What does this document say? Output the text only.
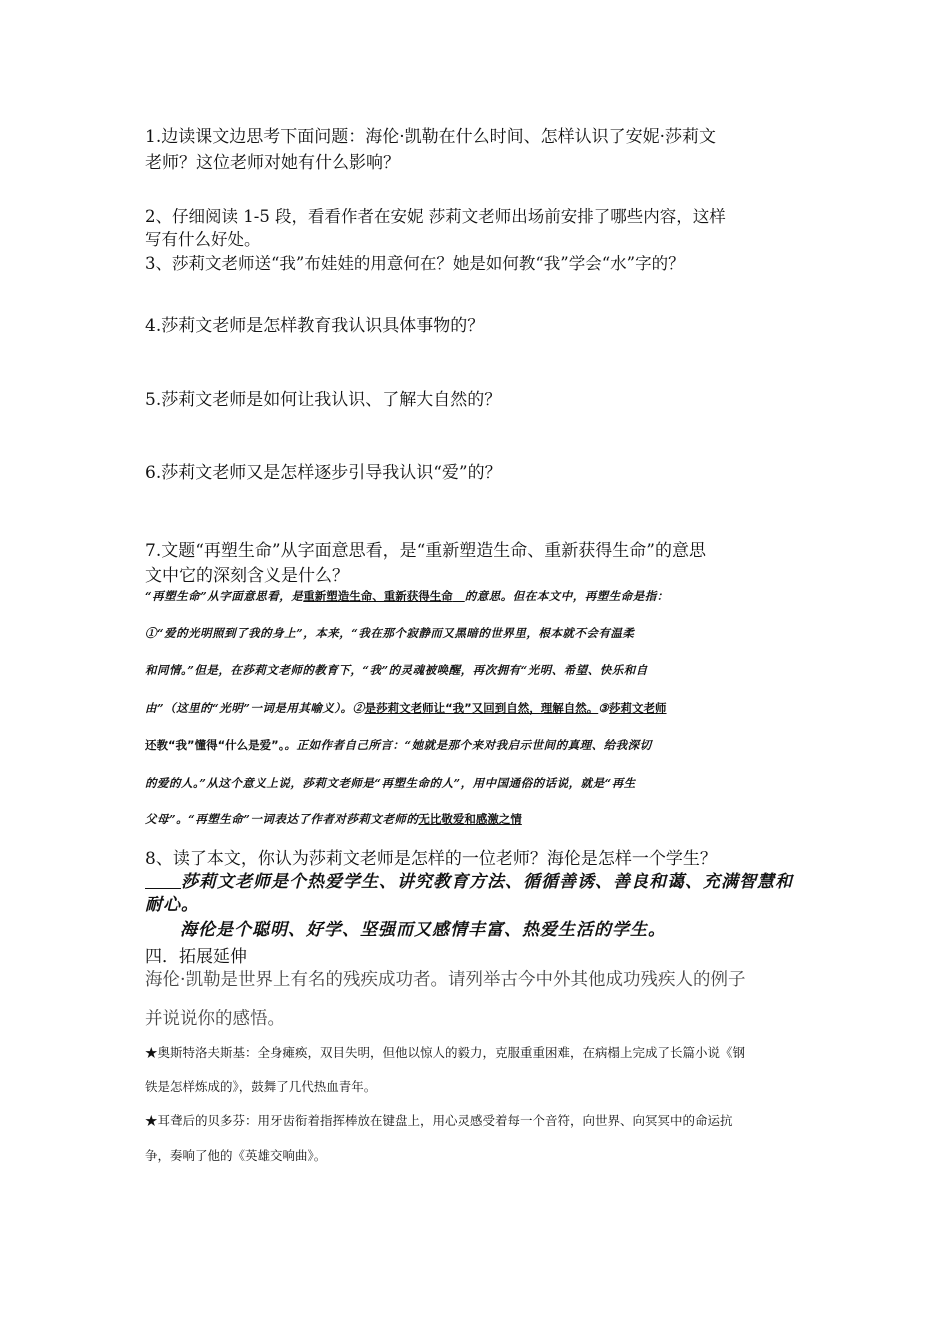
1.边读课文边思考下面问题：海伦·凯勒在什么时间、怎样认识了安妮·莎莉文
老师？这位老师对她有什么影响？
2、仔细阅读 1-5 段，看看作者在安妮 莎莉文老师出场前安排了哪些内容，这样
写有什么好处。
3、莎莉文老师送“我”布娃娃的用意何在？她是如何教“我”学会“水”字的？
4.莎莉文老师是怎样教育我认识具体事物的？
5.莎莉文老师是如何让我认识、了解大自然的？
6.莎莉文老师又是怎样逐步引导我认识“爱”的？
7.文题“再塑生命”从字面意思看，是“重新塑造生命、重新获得生命”的意思
文中它的深刻含义是什么？
“再塑生命”从字面意思看，是重新塑造生命、重新获得生命  的意思。但在本文中，再塑生命是指：
①“爱的光明照到了我的身上”，本来，“我在那个寂静而又黑暗的世界里，根本就不会有温柔
和同情。”但是，在莎莉文老师的教育下，“我”的灵魂被唤醒，再次拥有“光明、希望、快乐和自
由”（这里的“光明”一词是用其喻义）。②是莎莉文老师让“我”又回到自然，理解自然。③莎莉文老师
还教“我”懂得“什么是爱”。。正如作者自己所言：“她就是那个来对我启示世间的真理、给我深切
的爱的人。”从这个意义上说，莎莉文老师是“再塑生命的人”，用中国通俗的话说，就是“再生
父母”。“再塑生命”一词表达了作者对莎莉文老师的无比敬爱和感激之情
8、读了本文，你认为莎莉文老师是怎样的一位老师？海伦是怎样一个学生？
  莎莉文老师是个热爱学生、讲究教育方法、循循善诱、善良和蔼、充满智慧和
耐心。
海伦是个聪明、好学、坚强而又感情丰富、热爱生活的学生。
四．拓展延伸
海伦·凯勒是世界上有名的残疾成功者。请列举古今中外其他成功残疾人的例子
并说说你的感悟。
★奥斯特洛夫斯基：全身瘫痪，双目失明，但他以惊人的毅力，克服重重困难，在病榻上完成了长篇小说《钢
铁是怎样炼成的》，鼓舞了几代热血青年。
★耳聋后的贝多芬：用牙齿衔着指挥棒放在键盘上，用心灵感受着每一个音符，向世界、向冥冥中的命运抗
争，奏响了他的《英雄交响曲》。
